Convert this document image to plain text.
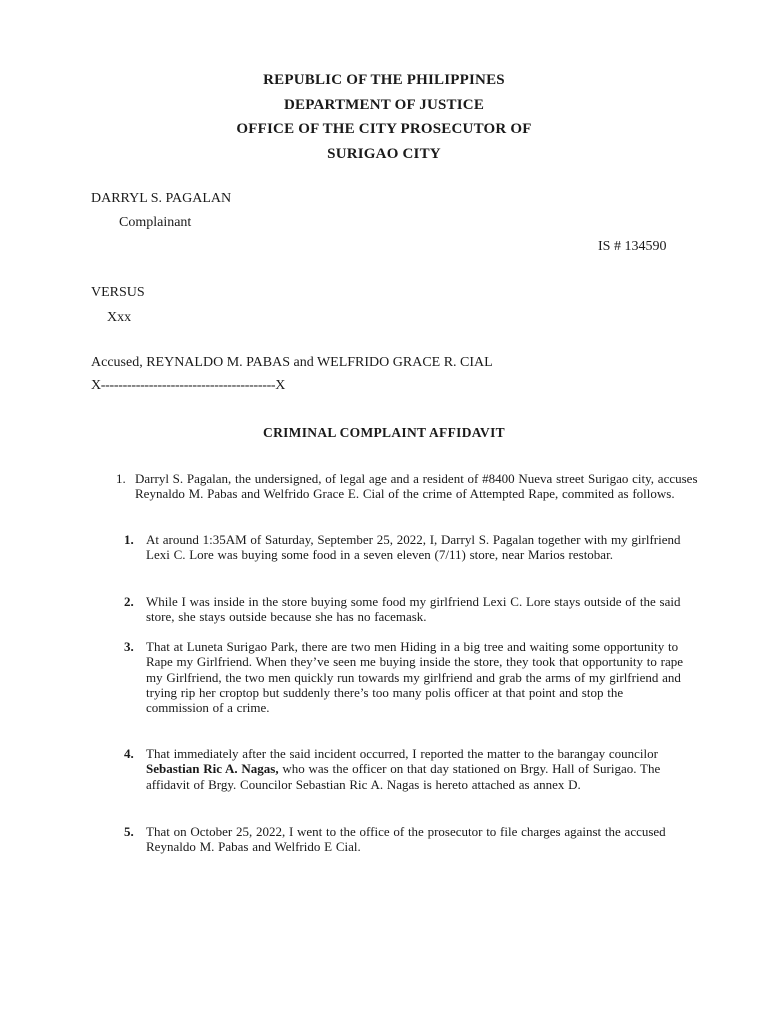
REPUBLIC OF THE PHILIPPINES
DEPARTMENT OF JUSTICE
OFFICE OF THE CITY PROSECUTOR OF
SURIGAO CITY
DARRYL S. PAGALAN
Complainant
IS # 134590
VERSUS
Xxx
Accused, REYNALDO M. PABAS and WELFRIDO GRACE R. CIAL
X----------------------------------------X
CRIMINAL COMPLAINT AFFIDAVIT
1. Darryl S. Pagalan, the undersigned, of legal age and a resident of #8400 Nueva street Surigao city, accuses Reynaldo M. Pabas and Welfrido Grace E. Cial of the crime of Attempted Rape, commited as follows.
1. At around 1:35AM of Saturday, September 25, 2022, I, Darryl S. Pagalan together with my girlfriend Lexi C. Lore was buying some food in a seven eleven (7/11) store, near Marios restobar.
2. While I was inside in the store buying some food my girlfriend Lexi C. Lore stays outside of the said store, she stays outside because she has no facemask.
3. That at Luneta Surigao Park, there are two men Hiding in a big tree and waiting some opportunity to Rape my Girlfriend. When they’ve seen me buying inside the store, they took that opportunity to rape my Girlfriend, the two men quickly run towards my girlfriend and grab the arms of my girlfriend and trying rip her croptop but suddenly there’s too many polis officer at that point and stop the commission of a crime.
4. That immediately after the said incident occurred, I reported the matter to the barangay councilor Sebastian Ric A. Nagas, who was the officer on that day stationed on Brgy. Hall of Surigao. The affidavit of Brgy. Councilor Sebastian Ric A. Nagas is hereto attached as annex D.
5. That on October 25, 2022, I went to the office of the prosecutor to file charges against the accused Reynaldo M. Pabas and Welfrido E Cial.
